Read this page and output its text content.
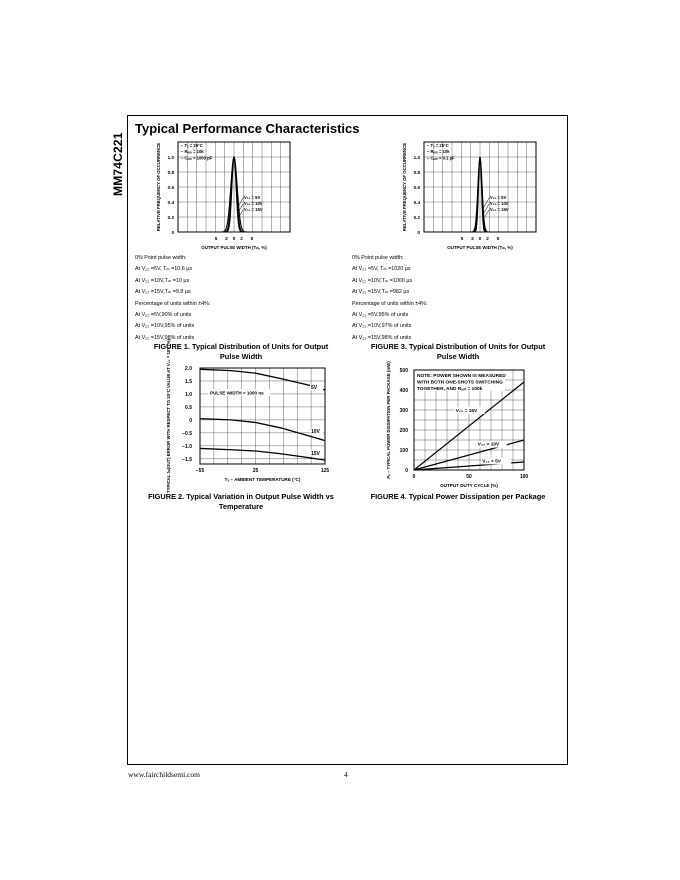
MM74C221
Typical Performance Characteristics
0
0.2
0.4
0.6
0.8
1.0
5 2 0 2 5
OUTPUT PULSE WIDTH (Tₘ, %)
RELATIVE FREQUENCY OF OCCURRENCE	– Tₐ = 25°C
– Rₑₓₜ = 10k
– Cₑₓₜ = 1000 pF
V₂₂ = 5V
V₂₂ = 10V
V₂₂ = 15V
0
0.2
0.4
0.6
0.8
1.0
5 2 0 2 5
OUTPUT PULSE WIDTH (Tₘ, %)
RELATIVE FREQUENCY OF OCCURRENCE	– Tₐ = 25°C
– Rₑₓₜ = 10k
– Cₑₓₜ = 0.1 µF
V₂₂ = 5V
V₂₂ = 10V
V₂₂ = 15V
0% Point pulse width:
At V₂₂ =5V, Tₘ =10.6 µs
At V₂₂ =10V,Tₘ =10 µs
At V₂₂ =15V,Tₘ =9.8 µs
Percentage of units within ±4%:
At V₂₂ =5V,90% of units
At V₂₂ =10V,95% of units
At V₂₂ =15V,98% of units
0% Point pulse width:
At V₂₂ =5V, Tₘ =1020 µs
At V₂₂ =10V,Tₘ =1000 µs
At V₂₂ =15V,Tₘ =982 µs
Percentage of units within ±4%:
At V₂₂ =5V,95% of units
At V₂₂ =10V,97% of units
At V₂₂ =15V,98% of units
FIGURE 1. Typical Distribution of Units for Output
Pulse Width
FIGURE 3. Typical Distribution of Units for Output
Pulse Width
2.0
1.5
1.0
0.5
0
−0.5
−1.0
−1.5
−55	25	125
Tₐ – AMBIENT TEMPERATURE (°C)
TYPICAL tₘ(OUT) ERROR WITH RESPECT TO 25°C VALUE AT V₂₂ = 10V (%)	PULSE WIDTH = 1000 ns
5V
10V
15V
0
100
200
300
400
500
0	50	100
OUTPUT DUTY CYCLE (%)
Pₑ – TYPICAL POWER DISSIPATION PER PACKAGE (mW)	NOTE: POWER SHOWN IS MEASURED
WITH BOTH ONE-SHOTS SWITCHING
TOGETHER, AND Rₑₓₜ = 100k
V₂₂ = 15V
V₂₂ = 10V
V₂₂ = 5V
FIGURE 2. Typical Variation in Output Pulse Width vs
Temperature
FIGURE 4. Typical Power Dissipation per Package
www.fairchildsemi.com	4
